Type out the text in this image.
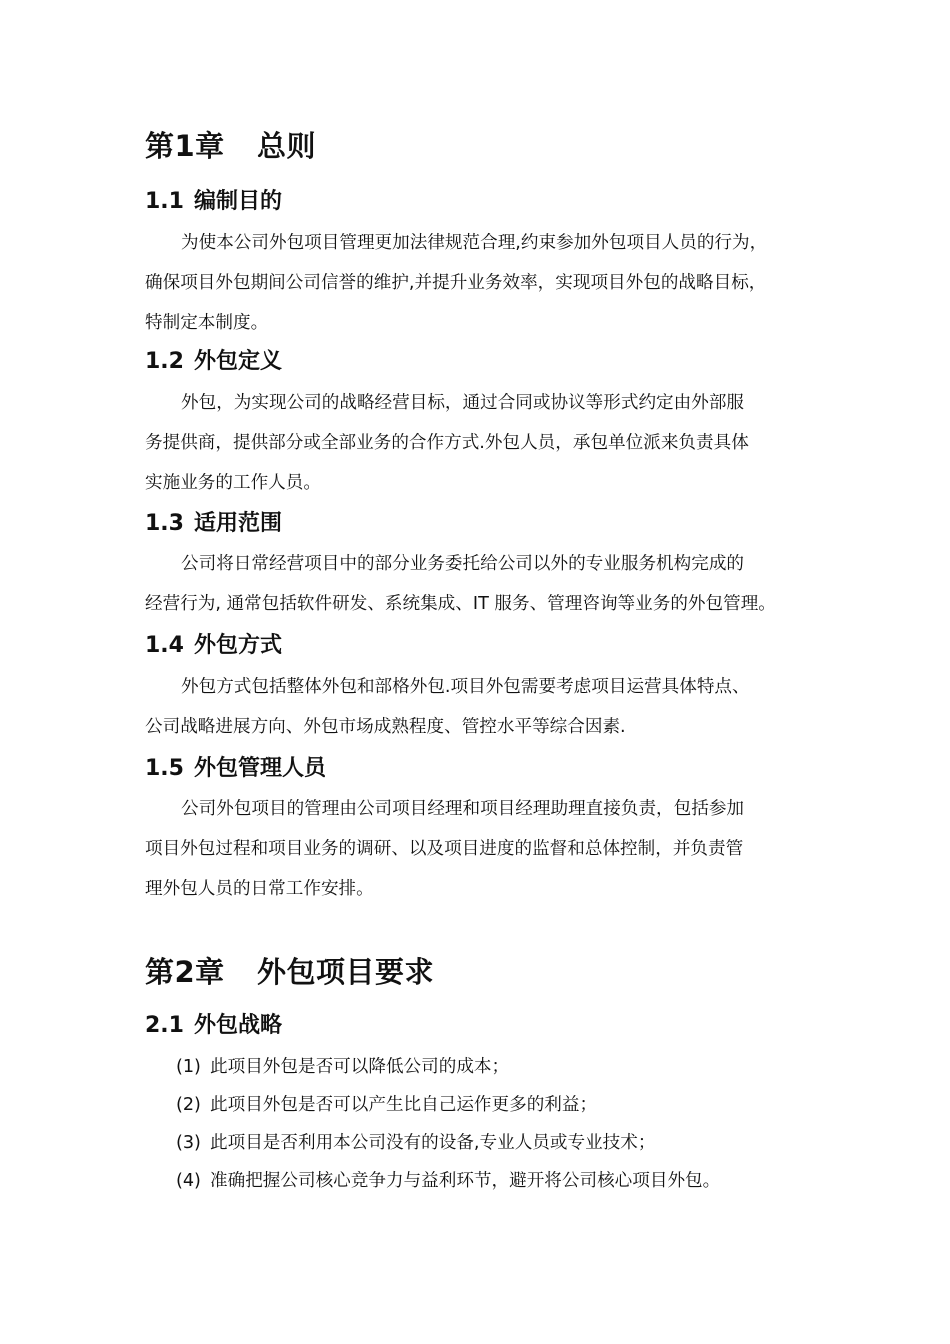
第1章 总则
1.1 编制目的

为使本公司外包项目管理更加法律规范合理,约束参加外包项目人员的行为，
确保项目外包期间公司信誉的维护,并提升业务效率，实现项目外包的战略目标，
特制定本制度。

1.2 外包定义

外包，为实现公司的战略经营目标，通过合同或协议等形式约定由外部服
务提供商，提供部分或全部业务的合作方式.外包人员，承包单位派来负责具体
实施业务的工作人员。

1.3 适用范围

公司将日常经营项目中的部分业务委托给公司以外的专业服务机构完成的
经营行为, 通常包括软件研发、系统集成、IT 服务、管理咨询等业务的外包管理。

1.4 外包方式

外包方式包括整体外包和部格外包.项目外包需要考虑项目运营具体特点、
公司战略进展方向、外包市场成熟程度、管控水平等综合因素.

1.5 外包管理人员

公司外包项目的管理由公司项目经理和项目经理助理直接负责，包括参加
项目外包过程和项目业务的调研、以及项目进度的监督和总体控制，并负责管
理外包人员的日常工作安排。

第2章 外包项目要求
2.1 外包战略
(1) 此项目外包是否可以降低公司的成本；
(2) 此项目外包是否可以产生比自己运作更多的利益；
(3) 此项目是否利用本公司没有的设备,专业人员或专业技术；
(4) 准确把握公司核心竞争力与益利环节，避开将公司核心项目外包。
